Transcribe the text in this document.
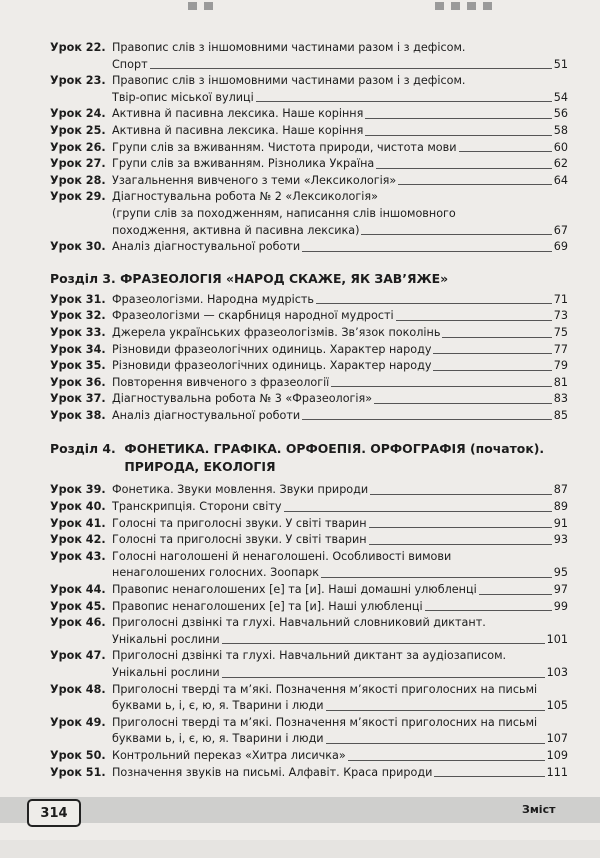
Урок 22. Правопис слів з іншомовними частинами разом і з дефісом.
Спорт	51
Урок 23. Правопис слів з іншомовними частинами разом і з дефісом.
Твір-опис міської вулиці	54
Урок 24. Активна й пасивна лексика. Наше коріння	56
Урок 25. Активна й пасивна лексика. Наше коріння	58
Урок 26. Групи слів за вживанням. Чистота природи, чистота мови	60
Урок 27. Групи слів за вживанням. Різнолика Україна	62
Урок 28. Узагальнення вивченого з теми «Лексикологія»	64
Урок 29. Діагностувальна робота № 2 «Лексикологія»
(групи слів за походженням, написання слів іншомовного
походження, активна й пасивна лексика)	67
Урок 30. Аналіз діагностувальної роботи	69
Розділ 3.
ФРАЗЕОЛОГІЯ «НАРОД СКАЖЕ, ЯК ЗАВ’ЯЖЕ»
Урок 31. Фразеологізми. Народна мудрість	71
Урок 32. Фразеологізми — скарбниця народної мудрості	73
Урок 33. Джерела українських фразеологізмів. Зв’язок поколінь	75
Урок 34. Різновиди фразеологічних одиниць. Характер народу	77
Урок 35. Різновиди фразеологічних одиниць. Характер народу	79
Урок 36. Повторення вивченого з фразеології	81
Урок 37. Діагностувальна робота № 3 «Фразеологія»	83
Урок 38. Аналіз діагностувальної роботи	85
Розділ 4.
ФОНЕТИКА. ГРАФІКА. ОРФОЕПІЯ. ОРФОГРАФІЯ (початок).
ПРИРОДА, ЕКОЛОГІЯ
Урок 39. Фонетика. Звуки мовлення. Звуки природи	87
Урок 40. Транскрипція. Сторони світу	89
Урок 41. Голосні та приголосні звуки. У світі тварин	91
Урок 42. Голосні та приголосні звуки. У світі тварин	93
Урок 43. Голосні наголошені й ненаголошені. Особливості вимови
ненаголошених голосних. Зоопарк	95
Урок 44. Правопис ненаголошених [е] та [и]. Наші домашні улюбленці	97
Урок 45. Правопис ненаголошених [е] та [и]. Наші улюбленці	99
Урок 46. Приголосні дзвінкі та глухі. Навчальний словниковий диктант.
Унікальні рослини	101
Урок 47. Приголосні дзвінкі та глухі. Навчальний диктант за аудіозаписом.
Унікальні рослини	103
Урок 48. Приголосні тверді та м’які. Позначення м’якості приголосних на письмі
буквами ь, і, є, ю, я. Тварини і люди	105
Урок 49. Приголосні тверді та м’які. Позначення м’якості приголосних на письмі
буквами ь, і, є, ю, я. Тварини і люди	107
Урок 50. Контрольний переказ «Хитра лисичка»	109
Урок 51. Позначення звуків на письмі. Алфавіт. Краса природи	111
314	Зміст
